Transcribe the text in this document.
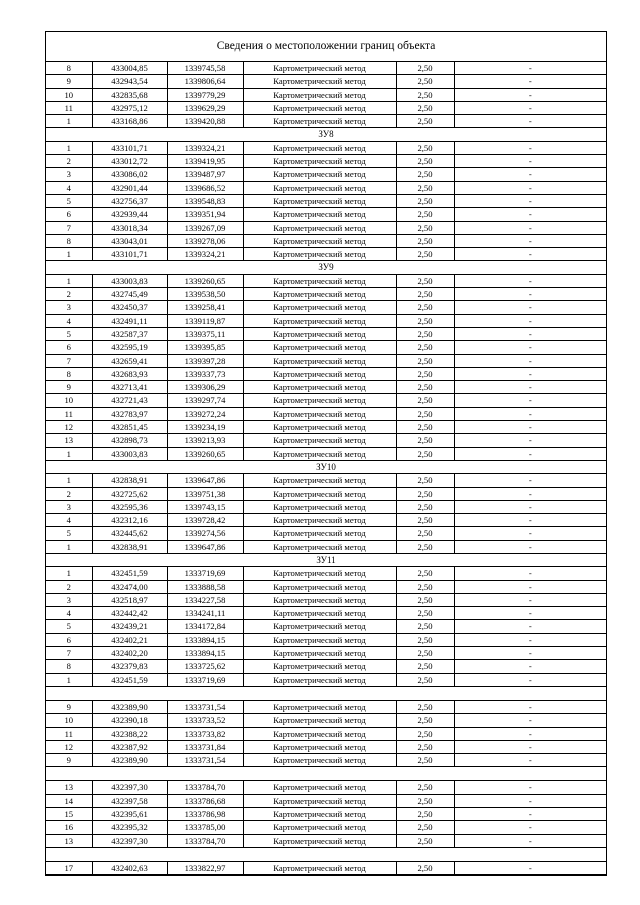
Сведения о местоположении границ объекта
8	433004,85	1339745,58	Картометрический метод	2,50	-
9	432943,54	1339806,64	Картометрический метод	2,50	-
10	432835,68	1339779,29	Картометрический метод	2,50	-
11	432975,12	1339629,29	Картометрический метод	2,50	-
1	433168,86	1339420,88	Картометрический метод	2,50	-
ЗУ8					
1	433101,71	1339324,21	Картометрический метод	2,50	-
2	433012,72	1339419,95	Картометрический метод	2,50	-
3	433086,02	1339487,97	Картометрический метод	2,50	-
4	432901,44	1339686,52	Картометрический метод	2,50	-
5	432756,37	1339548,83	Картометрический метод	2,50	-
6	432939,44	1339351,94	Картометрический метод	2,50	-
7	433018,34	1339267,09	Картометрический метод	2,50	-
8	433043,01	1339278,06	Картометрический метод	2,50	-
1	433101,71	1339324,21	Картометрический метод	2,50	-
ЗУ9					
1	433003,83	1339260,65	Картометрический метод	2,50	-
2	432745,49	1339538,50	Картометрический метод	2,50	-
3	432450,37	1339258,41	Картометрический метод	2,50	-
4	432491,11	1339119,87	Картометрический метод	2,50	-
5	432587,37	1339375,11	Картометрический метод	2,50	-
6	432595,19	1339395,85	Картометрический метод	2,50	-
7	432659,41	1339397,28	Картометрический метод	2,50	-
8	432683,93	1339337,73	Картометрический метод	2,50	-
9	432713,41	1339306,29	Картометрический метод	2,50	-
10	432721,43	1339297,74	Картометрический метод	2,50	-
11	432783,97	1339272,24	Картометрический метод	2,50	-
12	432851,45	1339234,19	Картометрический метод	2,50	-
13	432898,73	1339213,93	Картометрический метод	2,50	-
1	433003,83	1339260,65	Картометрический метод	2,50	-
ЗУ10					
1	432838,91	1339647,86	Картометрический метод	2,50	-
2	432725,62	1339751,38	Картометрический метод	2,50	-
3	432595,36	1339743,15	Картометрический метод	2,50	-
4	432312,16	1339728,42	Картометрический метод	2,50	-
5	432445,62	1339274,56	Картометрический метод	2,50	-
1	432838,91	1339647,86	Картометрический метод	2,50	-
ЗУ11					
1	432451,59	1333719,69	Картометрический метод	2,50	-
2	432474,00	1333888,58	Картометрический метод	2,50	-
3	432518,97	1334227,58	Картометрический метод	2,50	-
4	432442,42	1334241,11	Картометрический метод	2,50	-
5	432439,21	1334172,84	Картометрический метод	2,50	-
6	432402,21	1333894,15	Картометрический метод	2,50	-
7	432402,20	1333894,15	Картометрический метод	2,50	-
8	432379,83	1333725,62	Картометрический метод	2,50	-
1	432451,59	1333719,69	Картометрический метод	2,50	-

9	432389,90	1333731,54	Картометрический метод	2,50	-
10	432390,18	1333733,52	Картометрический метод	2,50	-
11	432388,22	1333733,82	Картометрический метод	2,50	-
12	432387,92	1333731,84	Картометрический метод	2,50	-
9	432389,90	1333731,54	Картометрический метод	2,50	-

13	432397,30	1333784,70	Картометрический метод	2,50	-
14	432397,58	1333786,68	Картометрический метод	2,50	-
15	432395,61	1333786,98	Картометрический метод	2,50	-
16	432395,32	1333785,00	Картометрический метод	2,50	-
13	432397,30	1333784,70	Картометрический метод	2,50	-

17	432402,63	1333822,97	Картометрический метод	2,50	-
